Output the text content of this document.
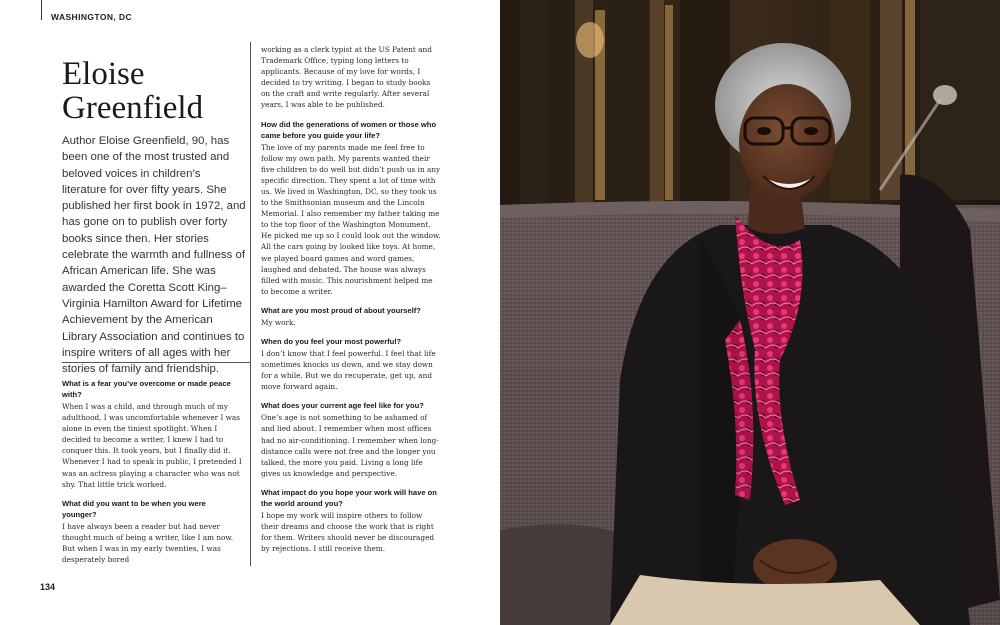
WASHINGTON, DC
Eloise Greenfield

Author Eloise Greenfield, 90, has been one of the most trusted and beloved voices in children’s literature for over fifty years. She published her first book in 1972, and has gone on to publish over forty books since then. Her stories celebrate the warmth and fullness of African American life. She was awarded the Coretta Scott King–Virginia Hamilton Award for Lifetime Achievement by the American Library Association and continues to inspire writers of all ages with her stories of family and friendship.

What is a fear you’ve overcome or made peace with?
When I was a child, and through much of my adulthood, I was uncomfortable whenever I was alone in even the tiniest spotlight. When I decided to become a writer, I knew I had to conquer this. It took years, but I finally did it. Whenever I had to speak in public, I pretended I was an actress playing a character who was not shy. That little trick worked.
What did you want to be when you were younger?
I have always been a reader but had never thought much of being a writer, like I am now. But when I was in my early twenties, I was desperately bored
working as a clerk typist at the US Patent and Trademark Office, typing long letters to applicants. Because of my love for words, I decided to try writing. I began to study books on the craft and write regularly. After several years, I was able to be published.
How did the generations of women or those who came before you guide your life?
The love of my parents made me feel free to follow my own path. My parents wanted their five children to do well but didn’t push us in any specific direction. They spent a lot of time with us. We lived in Washington, DC, so they took us to the Smithsonian museum and the Lincoln Memorial. I also remember my father taking me to the top floor of the Washington Monument. He picked me up so I could look out the window. All the cars going by looked like toys. At home, we played board games and word games, laughed and debated. The house was always filled with music. This nourishment helped me to become a writer.
What are you most proud of about yourself?
My work.
When do you feel your most powerful?
I don’t know that I feel powerful. I feel that life sometimes knocks us down, and we stay down for a while. But we do recuperate, get up, and move forward again.
What does your current age feel like for you?
One’s age is not something to be ashamed of and lied about. I remember when most offices had no air-conditioning. I remember when long-distance calls were not free and the longer you talked, the more you paid. Living a long life gives us knowledge and perspective.
What impact do you hope your work will have on the world around you?
I hope my work will inspire others to follow their dreams and choose the work that is right for them. Writers should never be discouraged by rejections. I still receive them.
134
